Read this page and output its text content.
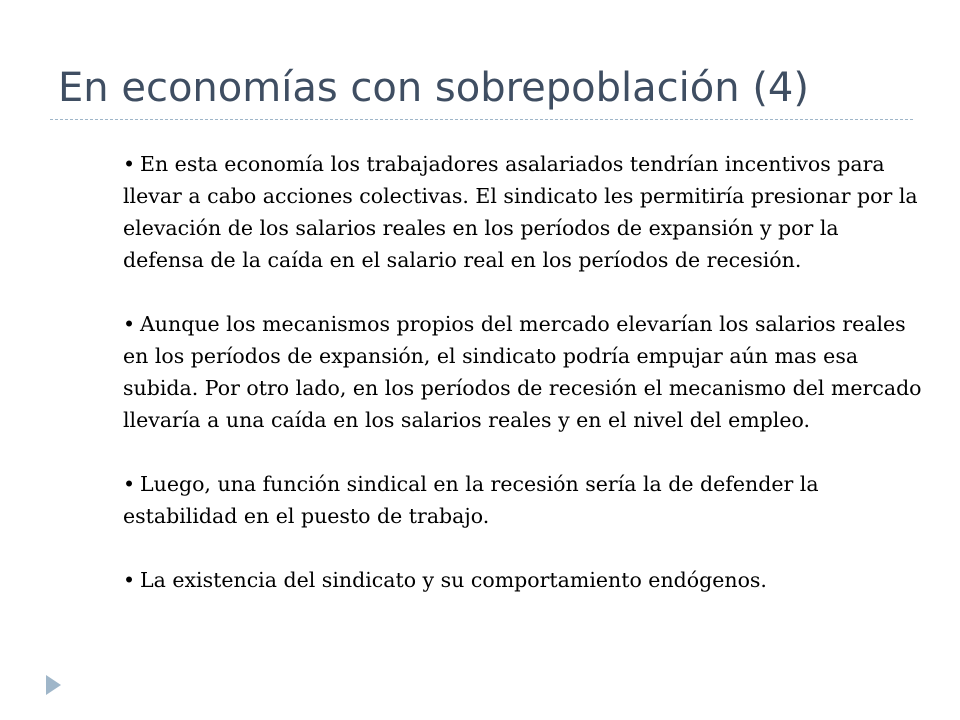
En economías con sobrepoblación (4)
• En esta economía los trabajadores asalariados tendrían incentivos para llevar a cabo acciones colectivas. El sindicato les permitiría presionar por la elevación de los salarios reales en los períodos de expansión y por la defensa de la caída en el salario real en los períodos de recesión.
• Aunque los mecanismos propios del mercado elevarían los salarios reales en los períodos de expansión, el sindicato podría empujar aún mas esa subida. Por otro lado, en los períodos de recesión el mecanismo del mercado llevaría a una caída en los salarios reales y en el nivel del empleo.
• Luego, una función sindical en la recesión sería la de defender la estabilidad en el puesto de trabajo.
• La existencia del sindicato y su comportamiento endógenos.
